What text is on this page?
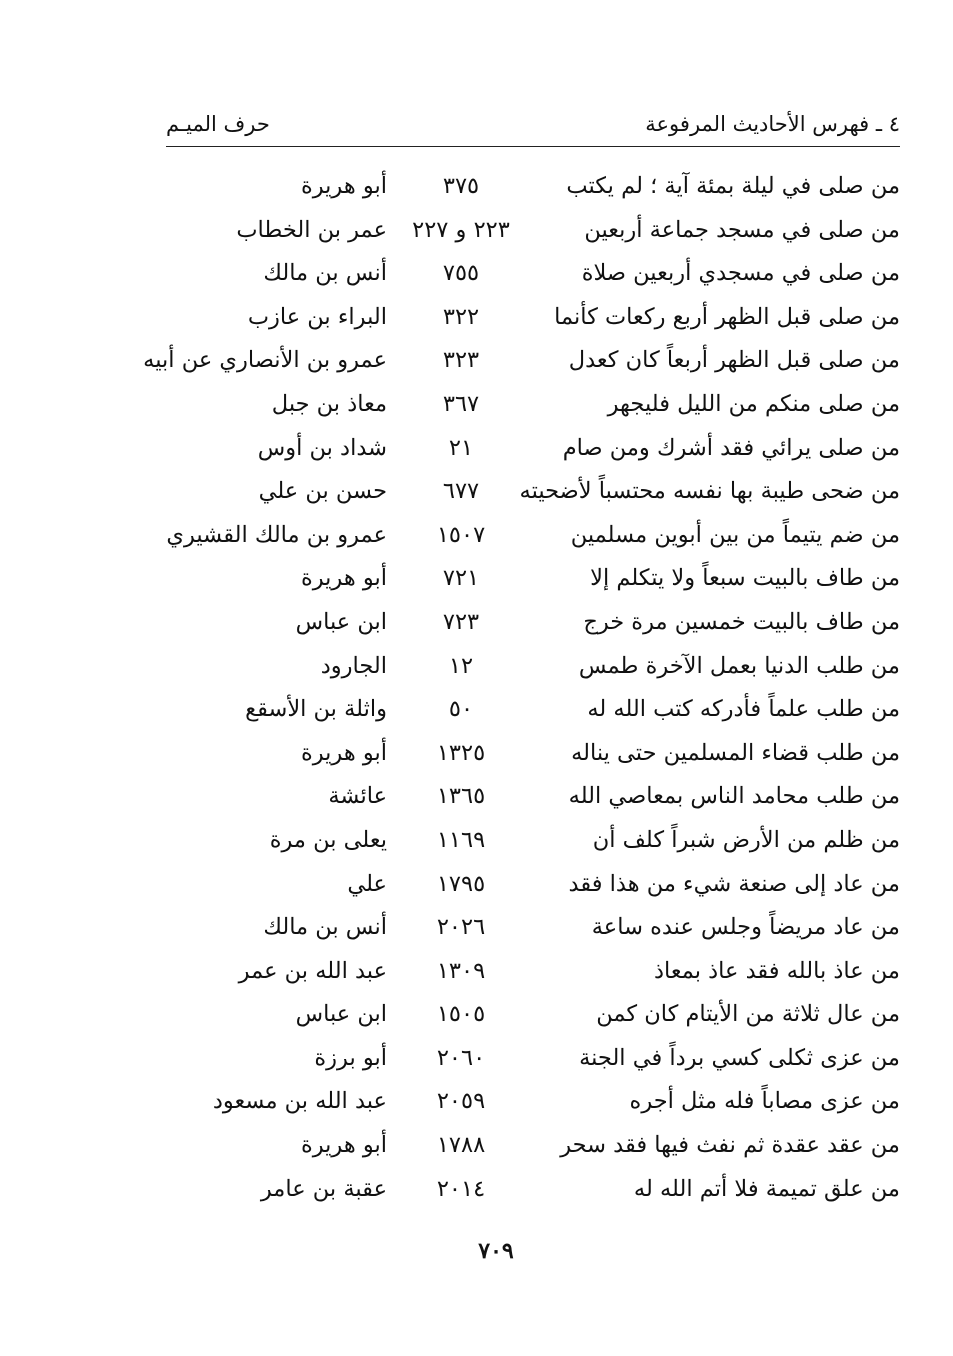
٤ ـ فهرس الأحاديث المرفوعة
حرف الميـم
من صلى في ليلة بمئة آية ؛ لم يكتب
٣٧٥
أبو هريرة
من صلى في مسجد جماعة أربعين
٢٢٣ و ٢٢٧
عمر بن الخطاب
من صلى في مسجدي أربعين صلاة
٧٥٥
أنس بن مالك
من صلى قبل الظهر أربع ركعات كأنما
٣٢٢
البراء بن عازب
من صلى قبل الظهر أربعاً كان كعدل
٣٢٣
عمرو بن الأنصاري عن أبيه
من صلى منكم من الليل فليجهر
٣٦٧
معاذ بن جبل
من صلى يرائي فقد أشرك ومن صام
٢١
شداد بن أوس
من ضحى طيبة بها نفسه محتسباً لأضحيته
٦٧٧
حسن بن علي
من ضم يتيماً من بين أبوين مسلمين
١٥٠٧
عمرو بن مالك القشيري
من طاف بالبيت سبعاً ولا يتكلم إلا
٧٢١
أبو هريرة
من طاف بالبيت خمسين مرة خرج
٧٢٣
ابن عباس
من طلب الدنيا بعمل الآخرة طمس
١٢
الجارود
من طلب علماً فأدركه كتب الله له
٥٠
واثلة بن الأسقع
من طلب قضاء المسلمين حتى يناله
١٣٢٥
أبو هريرة
من طلب محامد الناس بمعاصي الله
١٣٦٥
عائشة
من ظلم من الأرض شبراً كلف أن
١١٦٩
يعلى بن مرة
من عاد إلى صنعة شيء من هذا فقد
١٧٩٥
علي
من عاد مريضاً وجلس عنده ساعة
٢٠٢٦
أنس بن مالك
من عاذ بالله فقد عاذ بمعاذ
١٣٠٩
عبد الله بن عمر
من عال ثلاثة من الأيتام كان كمن
١٥٠٥
ابن عباس
من عزى ثكلى كسي برداً في الجنة
٢٠٦٠
أبو برزة
من عزى مصاباً فله مثل أجره
٢٠٥٩
عبد الله بن مسعود
من عقد عقدة ثم نفث فيها فقد سحر
١٧٨٨
أبو هريرة
من علق تميمة فلا أتم الله له
٢٠١٤
عقبة بن عامر
٧٠٩
